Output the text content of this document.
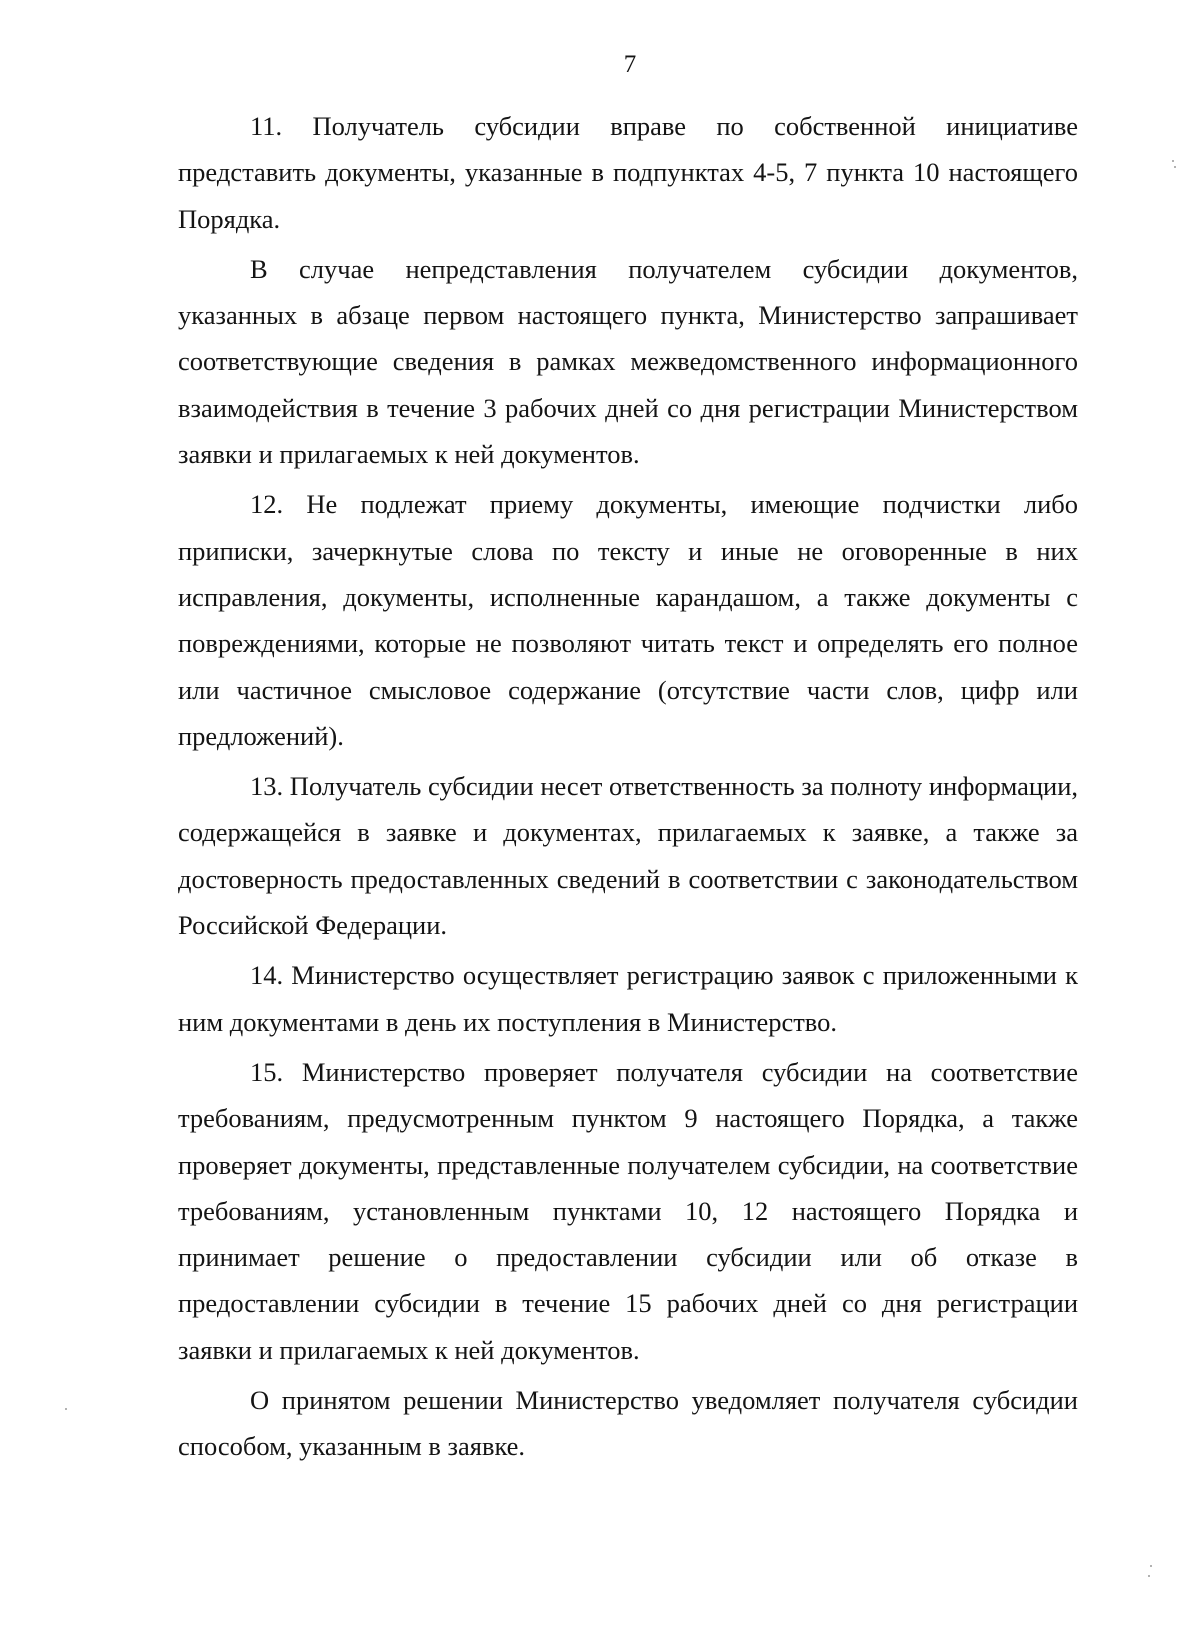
7

11. Получатель субсидии вправе по собственной инициативе представить документы, указанные в подпунктах 4-5, 7 пункта 10 настоящего Порядка.

В случае непредставления получателем субсидии документов, указанных в абзаце первом настоящего пункта, Министерство запрашивает соответствующие сведения в рамках межведомственного информационного взаимодействия в течение 3 рабочих дней со дня регистрации Министерством заявки и прилагаемых к ней документов.

12. Не подлежат приему документы, имеющие подчистки либо приписки, зачеркнутые слова по тексту и иные не оговоренные в них исправления, документы, исполненные карандашом, а также документы с повреждениями, которые не позволяют читать текст и определять его полное или частичное смысловое содержание (отсутствие части слов, цифр или предложений).

13. Получатель субсидии несет ответственность за полноту информации, содержащейся в заявке и документах, прилагаемых к заявке, а также за достоверность предоставленных сведений в соответствии с законодательством Российской Федерации.

14. Министерство осуществляет регистрацию заявок с приложенными к ним документами в день их поступления в Министерство.

15. Министерство проверяет получателя субсидии на соответствие требованиям, предусмотренным пунктом 9 настоящего Порядка, а также проверяет документы, представленные получателем субсидии, на соответствие требованиям, установленным пунктами 10, 12 настоящего Порядка и принимает решение о предоставлении субсидии или об отказе в предоставлении субсидии в течение 15 рабочих дней со дня регистрации заявки и прилагаемых к ней документов.

О принятом решении Министерство уведомляет получателя субсидии способом, указанным в заявке.
